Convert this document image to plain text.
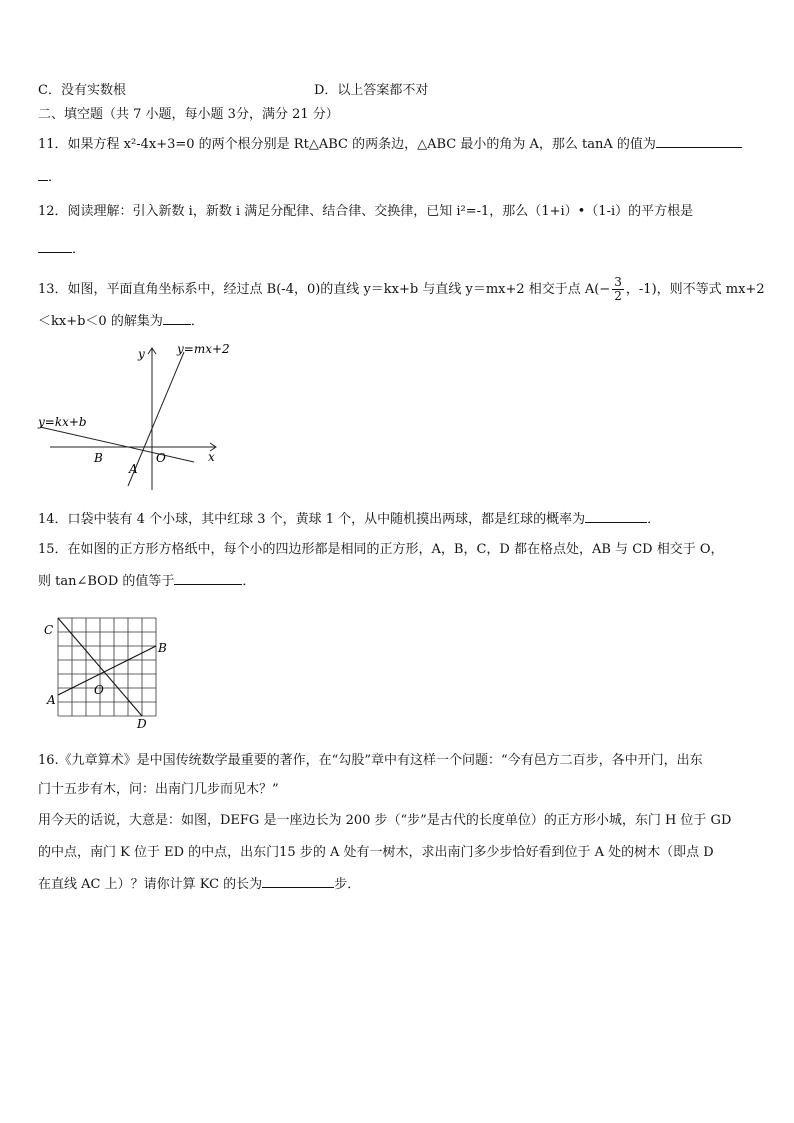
C．没有实数根	D．以上答案都不对
二、填空题（共 7 小题，每小题 3分，满分 21 分）
11．如果方程 x²-4x+3=0 的两个根分别是 Rt△ABC 的两条边，△ABC 最小的角为 A，那么 tanA 的值为
．
12．阅读理解：引入新数 i，新数 i 满足分配律、结合律、交换律，已知 i²=-1，那么（1+i）•（1-i）的平方根是
．
13．如图，平面直角坐标系中，经过点 B(-4，0)的直线 y＝kx+b 与直线 y＝mx+2 相交于点 $A(- \frac{3}{2}$ ，-1)，则不等式 mx+2
＜kx+b＜0 的解集为 ．
y
x
y=mx+2
y=kx+b
B	O
A
14．口袋中装有 4 个小球，其中红球 3 个，黄球 1 个，从中随机摸出两球，都是红球的概率为	．
15．在如图的正方形方格纸中，每个小的四边形都是相同的正方形，A，B，C，D 都在格点处，AB 与 CD 相交于 O，
则 tan∠BOD 的值等于	．
C
B
O
A
D
16.《九章算术》是中国传统数学最重要的著作，在“勾股”章中有这样一个问题：“今有邑方二百步，各中开门，出东
门十五步有木，问：出南门几步而见木？”
用今天的话说，大意是：如图，DEFG 是一座边长为 200 步（“步”是古代的长度单位）的正方形小城，东门 H 位于 GD
的中点，南门 K 位于 ED 的中点，出东门15 步的 A 处有一树木，求出南门多少步恰好看到位于 A 处的树木（即点 D
在直线 AC 上）？请你计算 KC 的长为	步．
